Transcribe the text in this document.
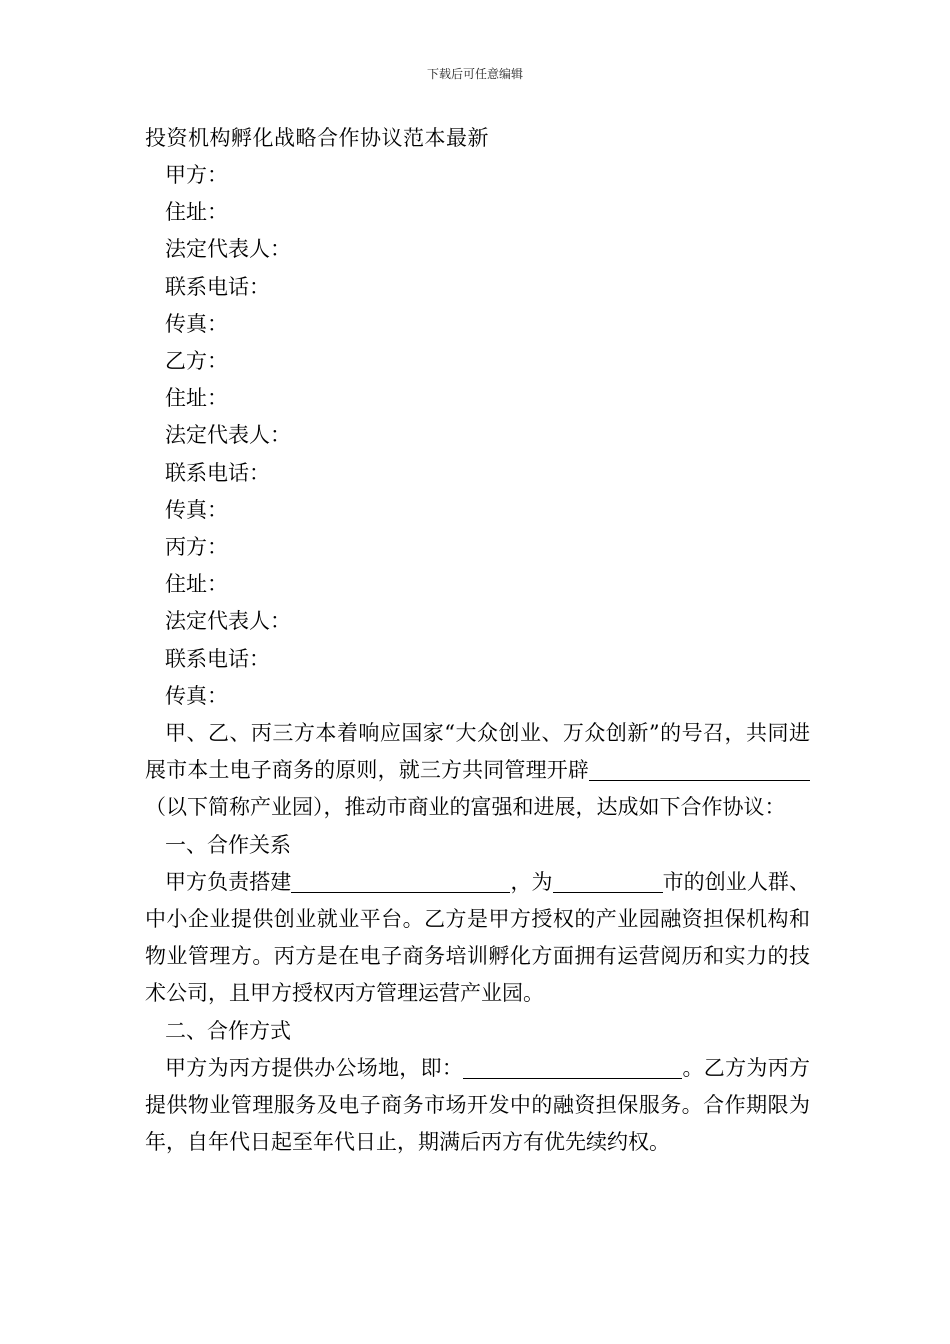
下载后可任意编辑
投资机构孵化战略合作协议范本最新

甲方：

住址：

法定代表人：

联系电话：

传真：

乙方：

住址：

法定代表人：

联系电话：

传真：

丙方：

住址：

法定代表人：

联系电话：

传真：

甲、乙、丙三方本着响应国家“大众创业、万众创新”的号召，共同进展市本土电子商务的原则，就三方共同管理开辟（以下简称产业园），推动市商业的富强和进展，达成如下合作协议：

一、合作关系

甲方负责搭建	，为	市的创业人群、中小企业提供创业就业平台。乙方是甲方授权的产业园融资担保机构和物业管理方。丙方是在电子商务培训孵化方面拥有运营阅历和实力的技术公司，且甲方授权丙方管理运营产业园。

二、合作方式

甲方为丙方提供办公场地，即：	。乙方为丙方提供物业管理服务及电子商务市场开发中的融资担保服务。合作期限为年，自年代日起至年代日止，期满后丙方有优先续约权。
